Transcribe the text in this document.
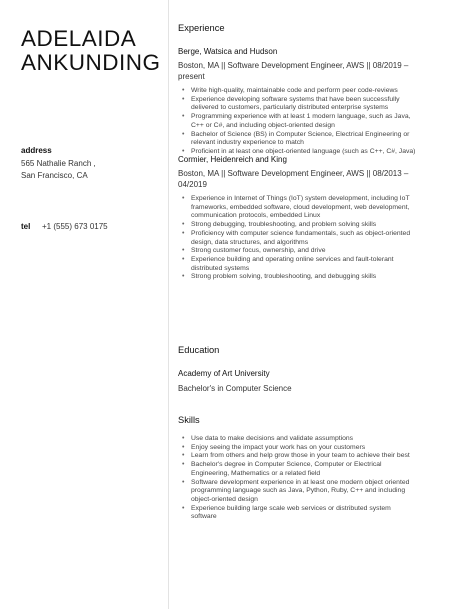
ADELAIDA
ANKUNDING
address
565 Nathalie Ranch ,
San Francisco, CA
tel +1 (555) 673 0175
Experience
Berge, Watsica and Hudson
Boston, MA || Software Development Engineer, AWS || 08/2019 –
present
• Write high-quality, maintainable code and perform peer code-reviews
• Experience developing software systems that have been successfully
delivered to customers, particularly distributed enterprise systems
• Programming experience with at least 1 modern language, such as Java,
C++ or C#, and including object-oriented design
• Bachelor of Science (BS) in Computer Science, Electrical Engineering or
relevant industry experience to match
• Proficient in at least one object-oriented language (such as C++, C#, Java)
Cormier, Heidenreich and King
Boston, MA || Software Development Engineer, AWS || 08/2013 –
04/2019
• Experience in Internet of Things (IoT) system development, including IoT
frameworks, embedded software, cloud development, web development,
communication protocols, embedded Linux
• Strong debugging, troubleshooting, and problem solving skills
• Proficiency with computer science fundamentals, such as object-oriented
design, data structures, and algorithms
• Strong customer focus, ownership, and drive
• Experience building and operating online services and fault-tolerant
distributed systems
• Strong problem solving, troubleshooting, and debugging skills
Education
Academy of Art University
Bachelor's in Computer Science
Skills
• Use data to make decisions and validate assumptions
• Enjoy seeing the impact your work has on your customers
• Learn from others and help grow those in your team to achieve their best
• Bachelor's degree in Computer Science, Computer or Electrical
Engineering, Mathematics or a related field
• Software development experience in at least one modern object oriented
programming language such as Java, Python, Ruby, C++ and including
object-oriented design
• Experience building large scale web services or distributed system
software
